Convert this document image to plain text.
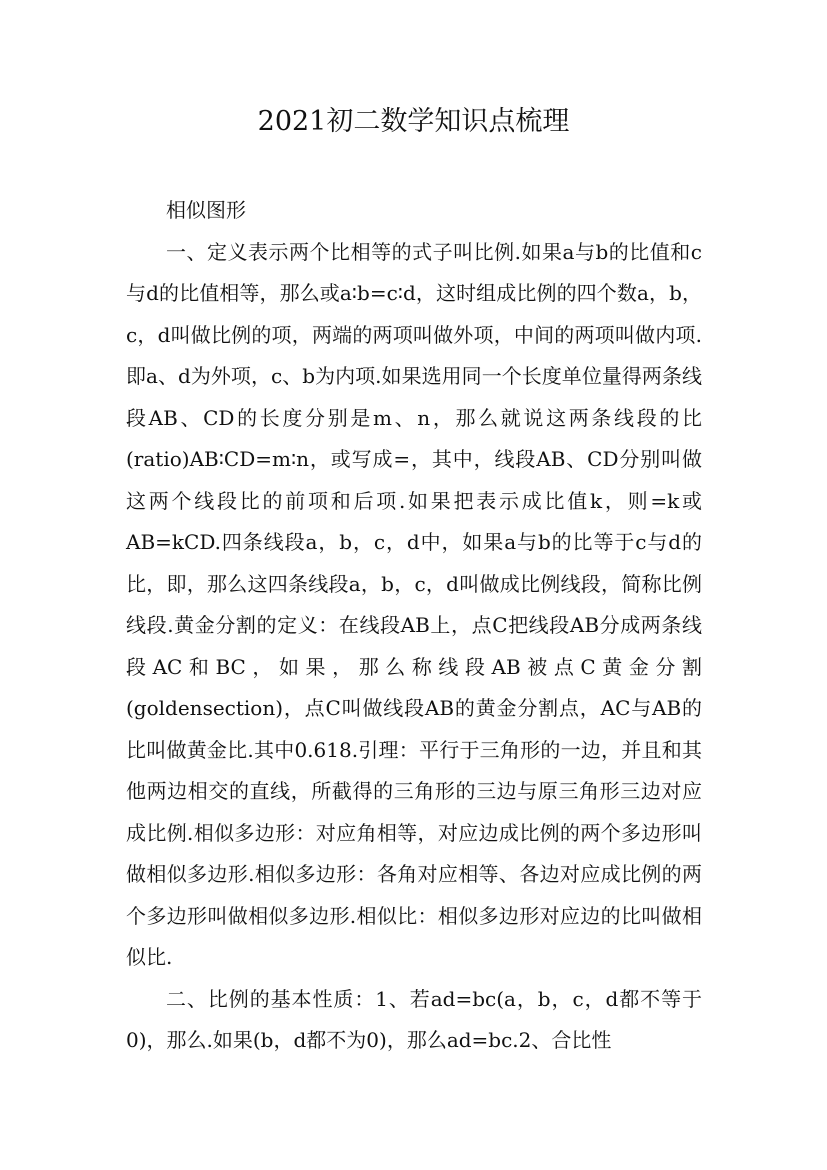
2021初二数学知识点梳理

相似图形

一、定义表示两个比相等的式子叫比例.如果a与b的比值和c与d的比值相等，那么或a∶b=c∶d，这时组成比例的四个数a，b，c，d叫做比例的项，两端的两项叫做外项，中间的两项叫做内项.即a、d为外项，c、b为内项.如果选用同一个长度单位量得两条线段AB、CD的长度分别是m、n，那么就说这两条线段的比(ratio)AB∶CD=m∶n，或写成=，其中，线段AB、CD分别叫做这两个线段比的前项和后项.如果把表示成比值k，则=k或AB=kCD.四条线段a，b，c，d中，如果a与b的比等于c与d的比，即，那么这四条线段a，b，c，d叫做成比例线段，简称比例线段.黄金分割的定义：在线段AB上，点C把线段AB分成两条线段AC和BC，如果，那么称线段AB被点C黄金分割(goldensection)，点C叫做线段AB的黄金分割点，AC与AB的比叫做黄金比.其中0.618.引理：平行于三角形的一边，并且和其他两边相交的直线，所截得的三角形的三边与原三角形三边对应成比例.相似多边形：对应角相等，对应边成比例的两个多边形叫做相似多边形.相似多边形：各角对应相等、各边对应成比例的两个多边形叫做相似多边形.相似比：相似多边形对应边的比叫做相似比.

二、比例的基本性质：1、若ad=bc(a，b，c，d都不等于0)，那么.如果(b，d都不为0)，那么ad=bc.2、合比性
